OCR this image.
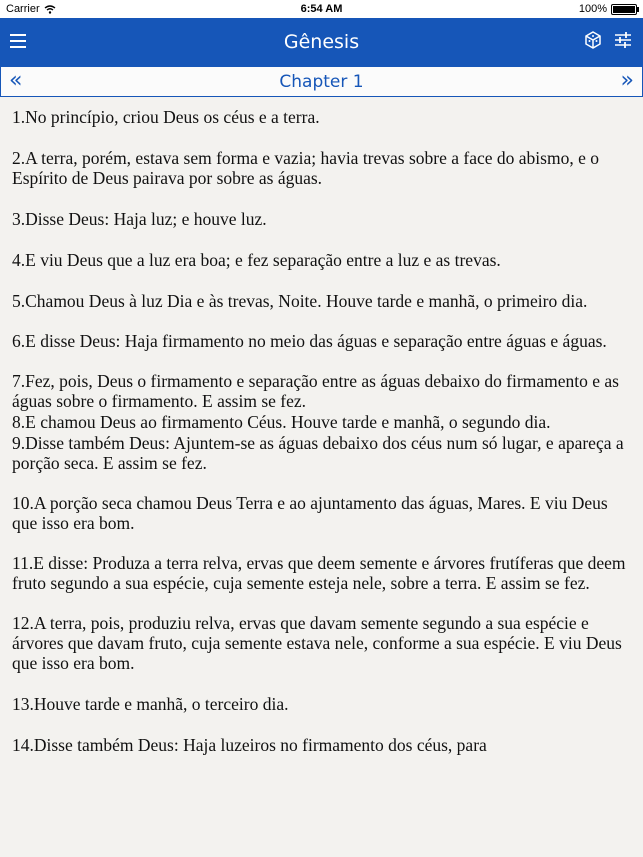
Carrier	6:54 AM	100%
Gênesis
«	Chapter 1	»

1.No princípio, criou Deus os céus e a terra.

2.A terra, porém, estava sem forma e vazia; havia trevas sobre a face do abismo, e o Espírito de Deus pairava por sobre as águas.

3.Disse Deus: Haja luz; e houve luz.

4.E viu Deus que a luz era boa; e fez separação entre a luz e as trevas.

5.Chamou Deus à luz Dia e às trevas, Noite. Houve tarde e manhã, o primeiro dia.

6.E disse Deus: Haja firmamento no meio das águas e separação entre águas e águas.

7.Fez, pois, Deus o firmamento e separação entre as águas debaixo do firmamento e as águas sobre o firmamento. E assim se fez.

8.E chamou Deus ao firmamento Céus. Houve tarde e manhã, o segundo dia.

9.Disse também Deus: Ajuntem-se as águas debaixo dos céus num só lugar, e apareça a porção seca. E assim se fez.

10.A porção seca chamou Deus Terra e ao ajuntamento das águas, Mares. E viu Deus que isso era bom.

11.E disse: Produza a terra relva, ervas que deem semente e árvores frutíferas que deem fruto segundo a sua espécie, cuja semente esteja nele, sobre a terra. E assim se fez.

12.A terra, pois, produziu relva, ervas que davam semente segundo a sua espécie e árvores que davam fruto, cuja semente estava nele, conforme a sua espécie. E viu Deus que isso era bom.

13.Houve tarde e manhã, o terceiro dia.

14.Disse também Deus: Haja luzeiros no firmamento dos céus, para
